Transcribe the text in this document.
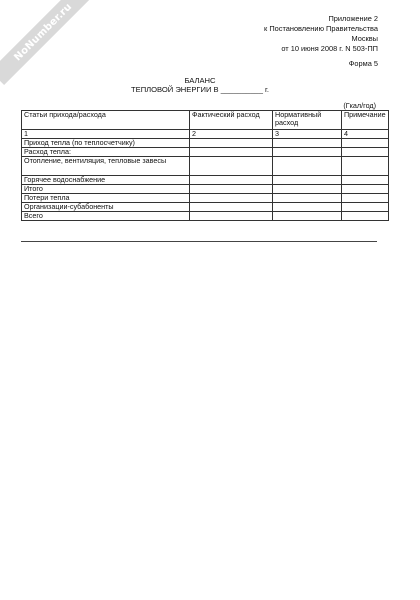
NoNumber.ru	Приложение 2
к Постановлению Правительства
Москвы
от 10 июня 2008 г. N 503-ПП
Форма 5
БАЛАНС
ТЕПЛОВОЙ ЭНЕРГИИ В __________ г.
(Гкал/год)
Статьи прихода/расхода	Фактический расход	Нормативный расход	Примечание
1	2	3	4
Приход тепла (по теплосчетчику)			
Расход тепла:			
Отопление, вентиляция, тепловые завесы			
Горячее водоснабжение			
Итого			
Потери тепла			
Организации-субабоненты			
Всего			
